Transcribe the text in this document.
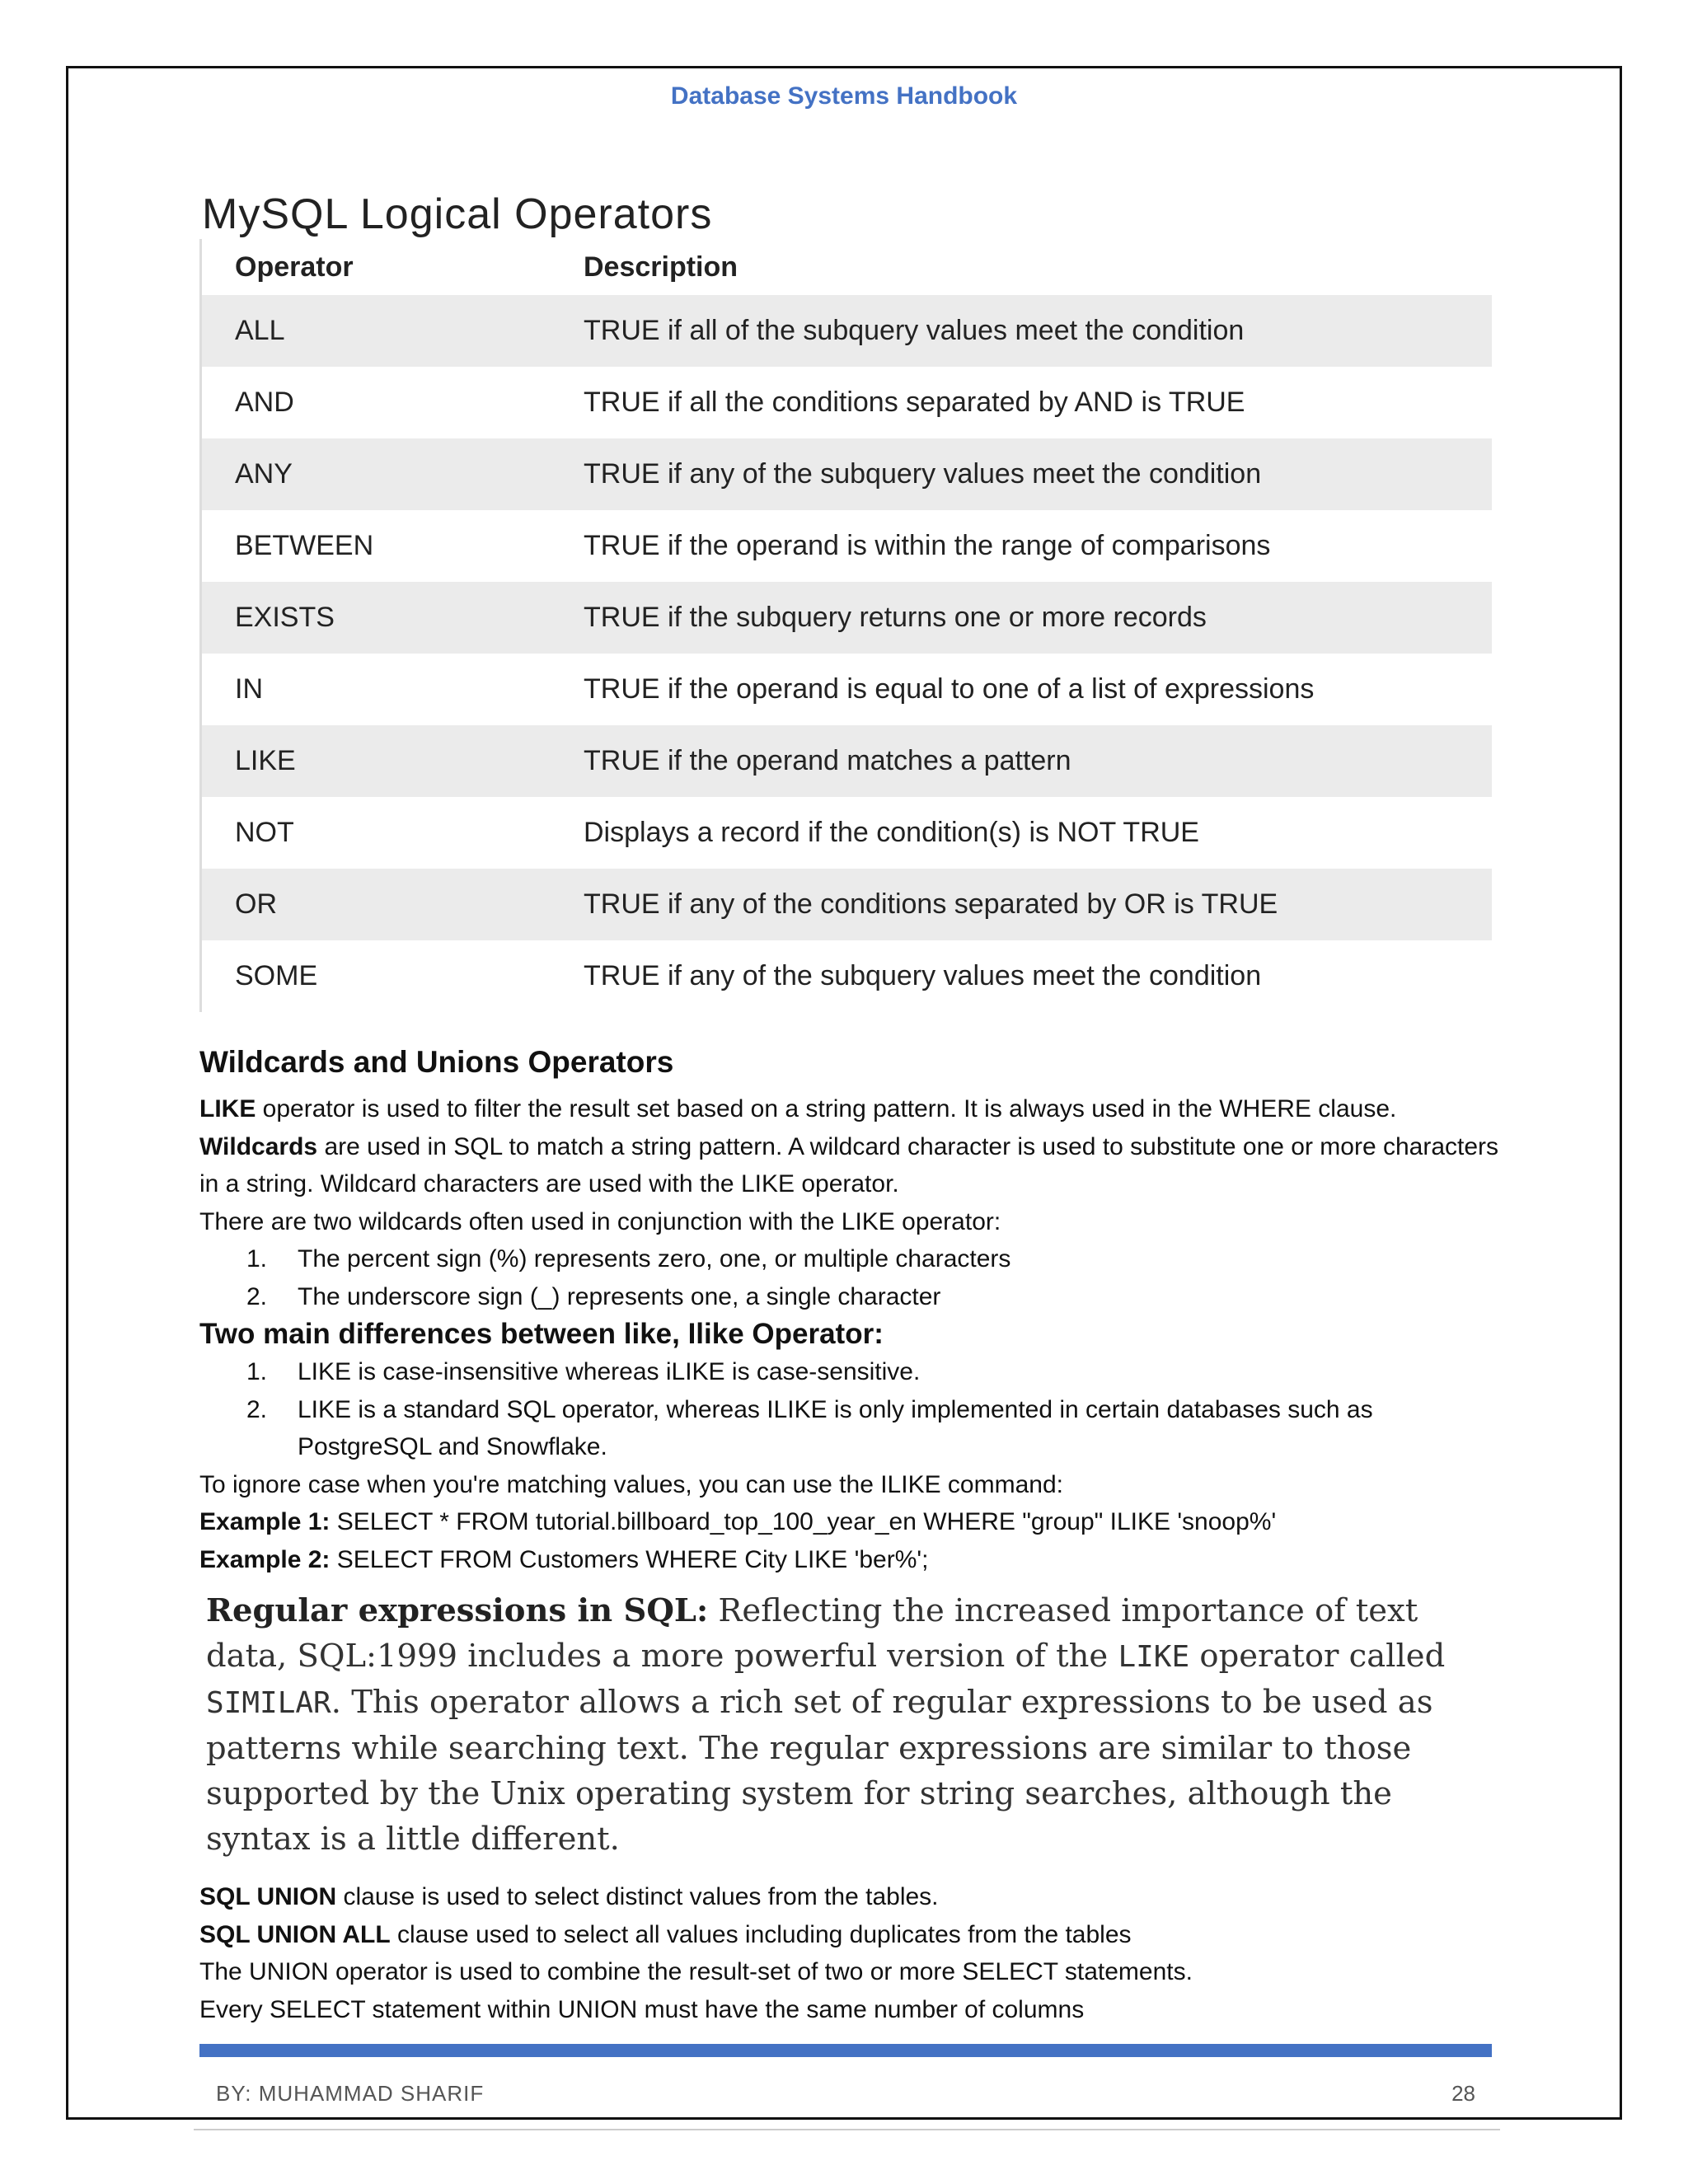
Database Systems Handbook
MySQL Logical Operators
Operator	Description
ALL	TRUE if all of the subquery values meet the condition
AND	TRUE if all the conditions separated by AND is TRUE
ANY	TRUE if any of the subquery values meet the condition
BETWEEN	TRUE if the operand is within the range of comparisons
EXISTS	TRUE if the subquery returns one or more records
IN	TRUE if the operand is equal to one of a list of expressions
LIKE	TRUE if the operand matches a pattern
NOT	Displays a record if the condition(s) is NOT TRUE
OR	TRUE if any of the conditions separated by OR is TRUE
SOME	TRUE if any of the subquery values meet the condition
Wildcards and Unions Operators

LIKE operator is used to filter the result set based on a string pattern. It is always used in the WHERE clause.

Wildcards are used in SQL to match a string pattern. A wildcard character is used to substitute one or more characters in a string. Wildcard characters are used with the LIKE operator.

There are two wildcards often used in conjunction with the LIKE operator:

1.	The percent sign (%) represents zero, one, or multiple characters
2.	The underscore sign (_) represents one, a single character
Two main differences between like, Ilike Operator:
1.	LIKE is case-insensitive whereas iLIKE is case-sensitive.
2.	LIKE is a standard SQL operator, whereas ILIKE is only implemented in certain databases such as PostgreSQL and Snowflake.

To ignore case when you're matching values, you can use the ILIKE command:

Example 1: SELECT * FROM tutorial.billboard_top_100_year_en WHERE "group" ILIKE 'snoop%'

Example 2: SELECT FROM Customers WHERE City LIKE 'ber%';

Regular expressions in SQL: Reflecting the increased importance of text data, SQL:1999 includes a more powerful version of the LIKE operator called SIMILAR. This operator allows a rich set of regular expressions to be used as patterns while searching text. The regular expressions are similar to those supported by the Unix operating system for string searches, although the syntax is a little different.

SQL UNION clause is used to select distinct values from the tables.

SQL UNION ALL clause used to select all values including duplicates from the tables

The UNION operator is used to combine the result-set of two or more SELECT statements.

Every SELECT statement within UNION must have the same number of columns

BY: MUHAMMAD SHARIF	28
